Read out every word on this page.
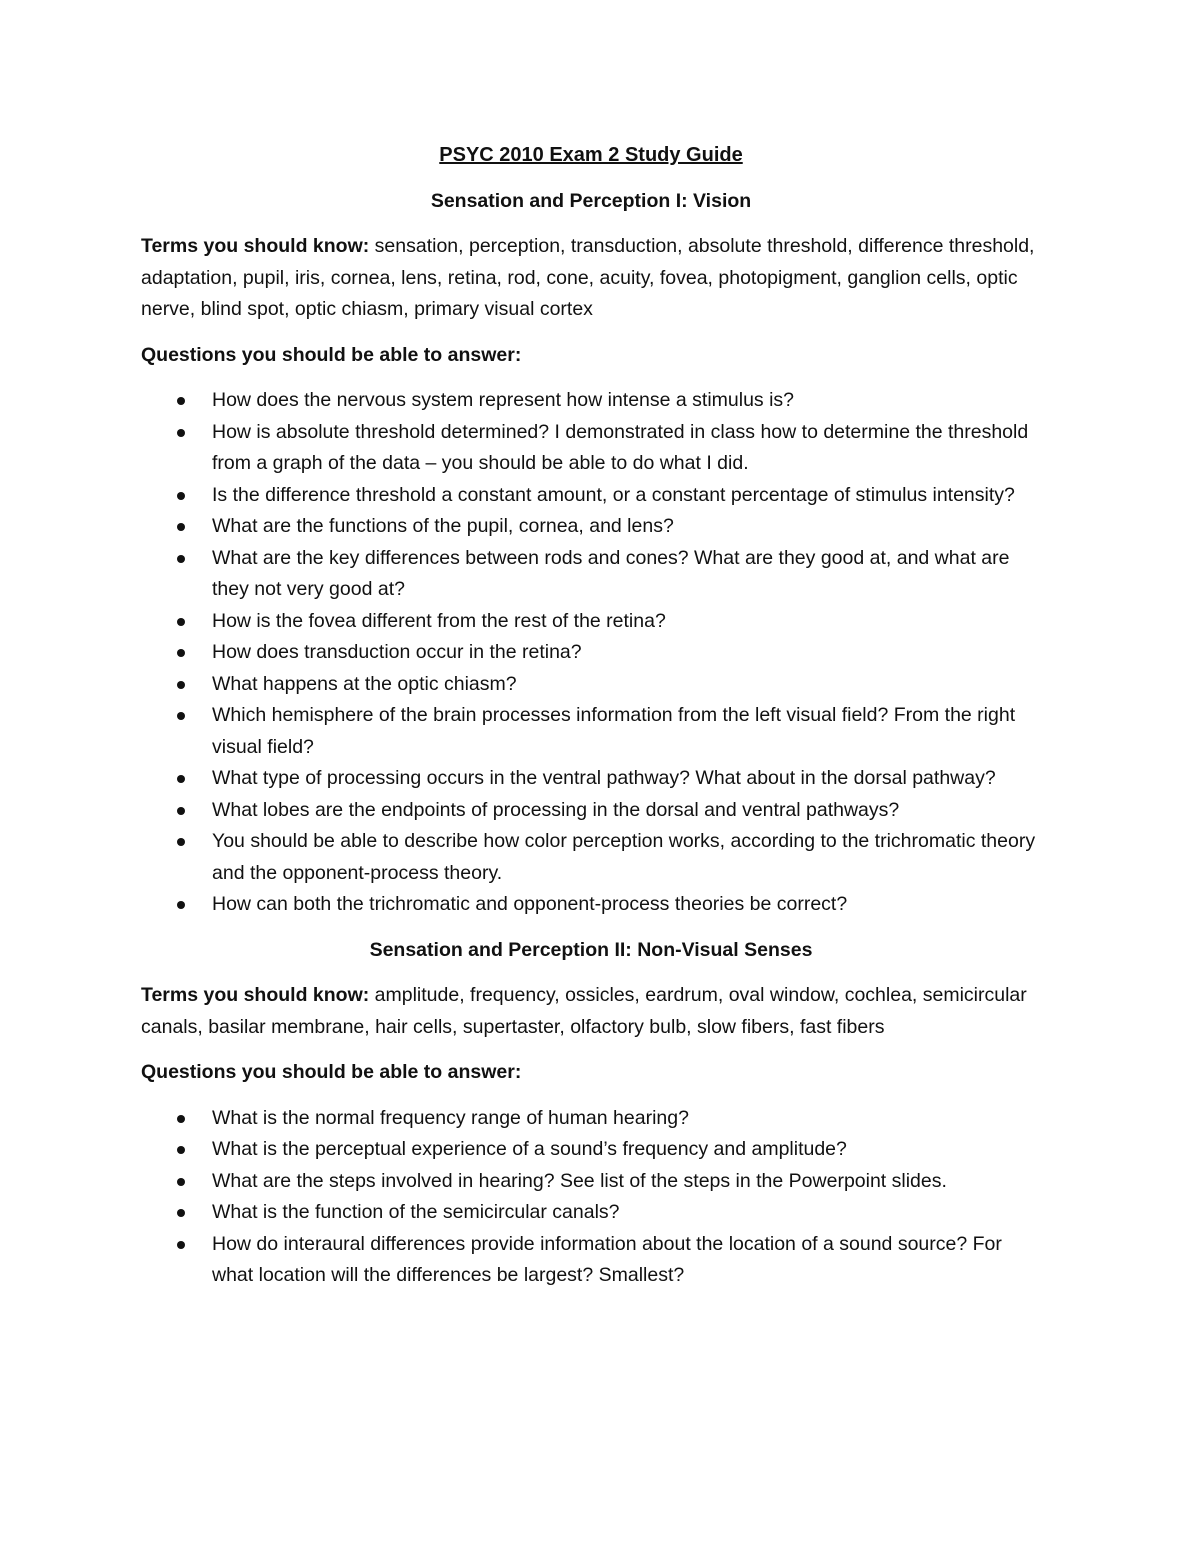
PSYC 2010 Exam 2 Study Guide
Sensation and Perception I: Vision

Terms you should know: sensation, perception, transduction, absolute threshold, difference threshold, adaptation, pupil, iris, cornea, lens, retina, rod, cone, acuity, fovea, photopigment, ganglion cells, optic nerve, blind spot, optic chiasm, primary visual cortex

Questions you should be able to answer:
How does the nervous system represent how intense a stimulus is?
How is absolute threshold determined? I demonstrated in class how to determine the threshold from a graph of the data – you should be able to do what I did.
Is the difference threshold a constant amount, or a constant percentage of stimulus intensity?
What are the functions of the pupil, cornea, and lens?
What are the key differences between rods and cones? What are they good at, and what are they not very good at?
How is the fovea different from the rest of the retina?
How does transduction occur in the retina?
What happens at the optic chiasm?
Which hemisphere of the brain processes information from the left visual field? From the right visual field?
What type of processing occurs in the ventral pathway? What about in the dorsal pathway?
What lobes are the endpoints of processing in the dorsal and ventral pathways?
You should be able to describe how color perception works, according to the trichromatic theory and the opponent-process theory.
How can both the trichromatic and opponent-process theories be correct?
Sensation and Perception II: Non-Visual Senses

Terms you should know: amplitude, frequency, ossicles, eardrum, oval window, cochlea, semicircular canals, basilar membrane, hair cells, supertaster, olfactory bulb, slow fibers, fast fibers

Questions you should be able to answer:
What is the normal frequency range of human hearing?
What is the perceptual experience of a sound’s frequency and amplitude?
What are the steps involved in hearing? See list of the steps in the Powerpoint slides.
What is the function of the semicircular canals?
How do interaural differences provide information about the location of a sound source? For what location will the differences be largest? Smallest?
